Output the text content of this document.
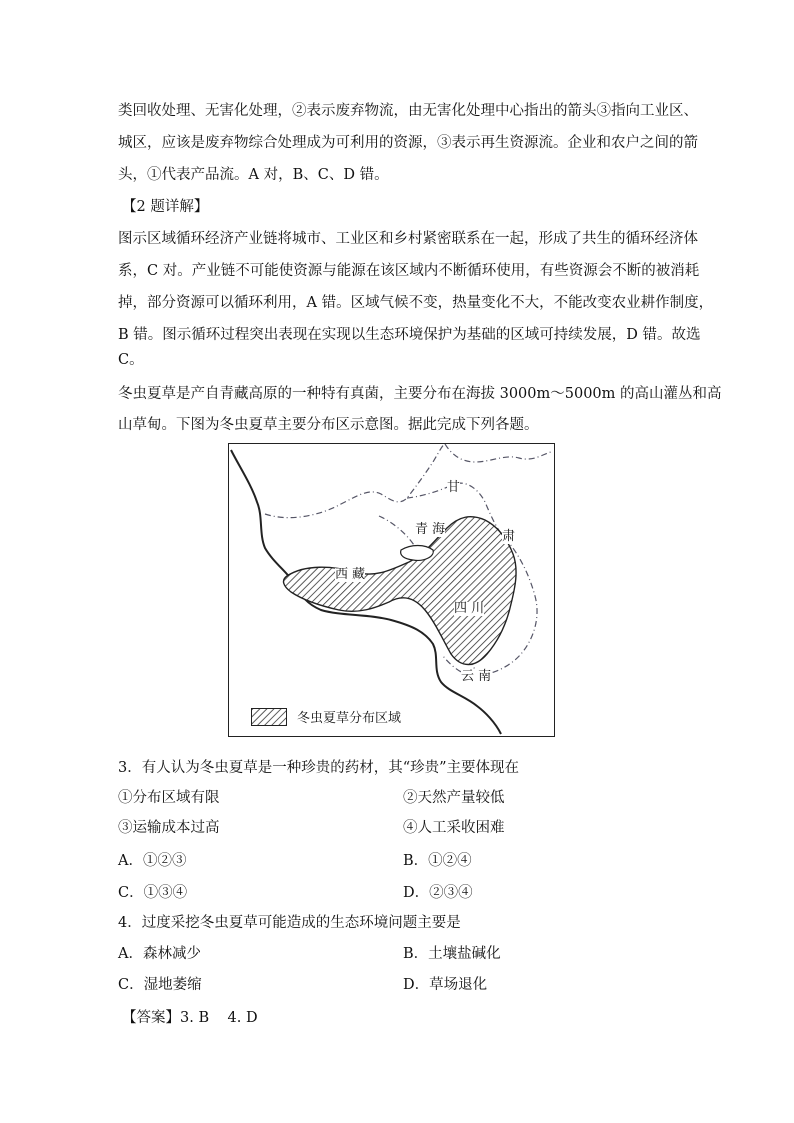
类回收处理、无害化处理，②表示废弃物流，由无害化处理中心指出的箭头③指向工业区、
城区，应该是废弃物综合处理成为可利用的资源，③表示再生资源流。企业和农户之间的箭
头，①代表产品流。A 对，B、C、D 错。
【2 题详解】
图示区域循环经济产业链将城市、工业区和乡村紧密联系在一起，形成了共生的循环经济体
系，C 对。产业链不可能使资源与能源在该区域内不断循环使用，有些资源会不断的被消耗
掉，部分资源可以循环利用，A 错。区域气候不变，热量变化不大，不能改变农业耕作制度，
B 错。图示循环过程突出表现在实现以生态环境保护为基础的区域可持续发展，D 错。故选
C。
冬虫夏草是产自青藏高原的一种特有真菌，主要分布在海拔 3000m～5000m 的高山灌丛和高
山草甸。下图为冬虫夏草主要分布区示意图。据此完成下列各题。
甘
青 海	肃
西 藏
四 川
云 南
冬虫夏草分布区域
3．有人认为冬虫夏草是一种珍贵的药材，其“珍贵”主要体现在
①分布区域有限	②天然产量较低
③运输成本过高	④人工采收困难
A．①②③	B．①②④
C．①③④	D．②③④
4．过度采挖冬虫夏草可能造成的生态环境问题主要是
A．森林减少	B．土壤盐碱化
C．湿地萎缩	D．草场退化
【答案】3. B    4. D
